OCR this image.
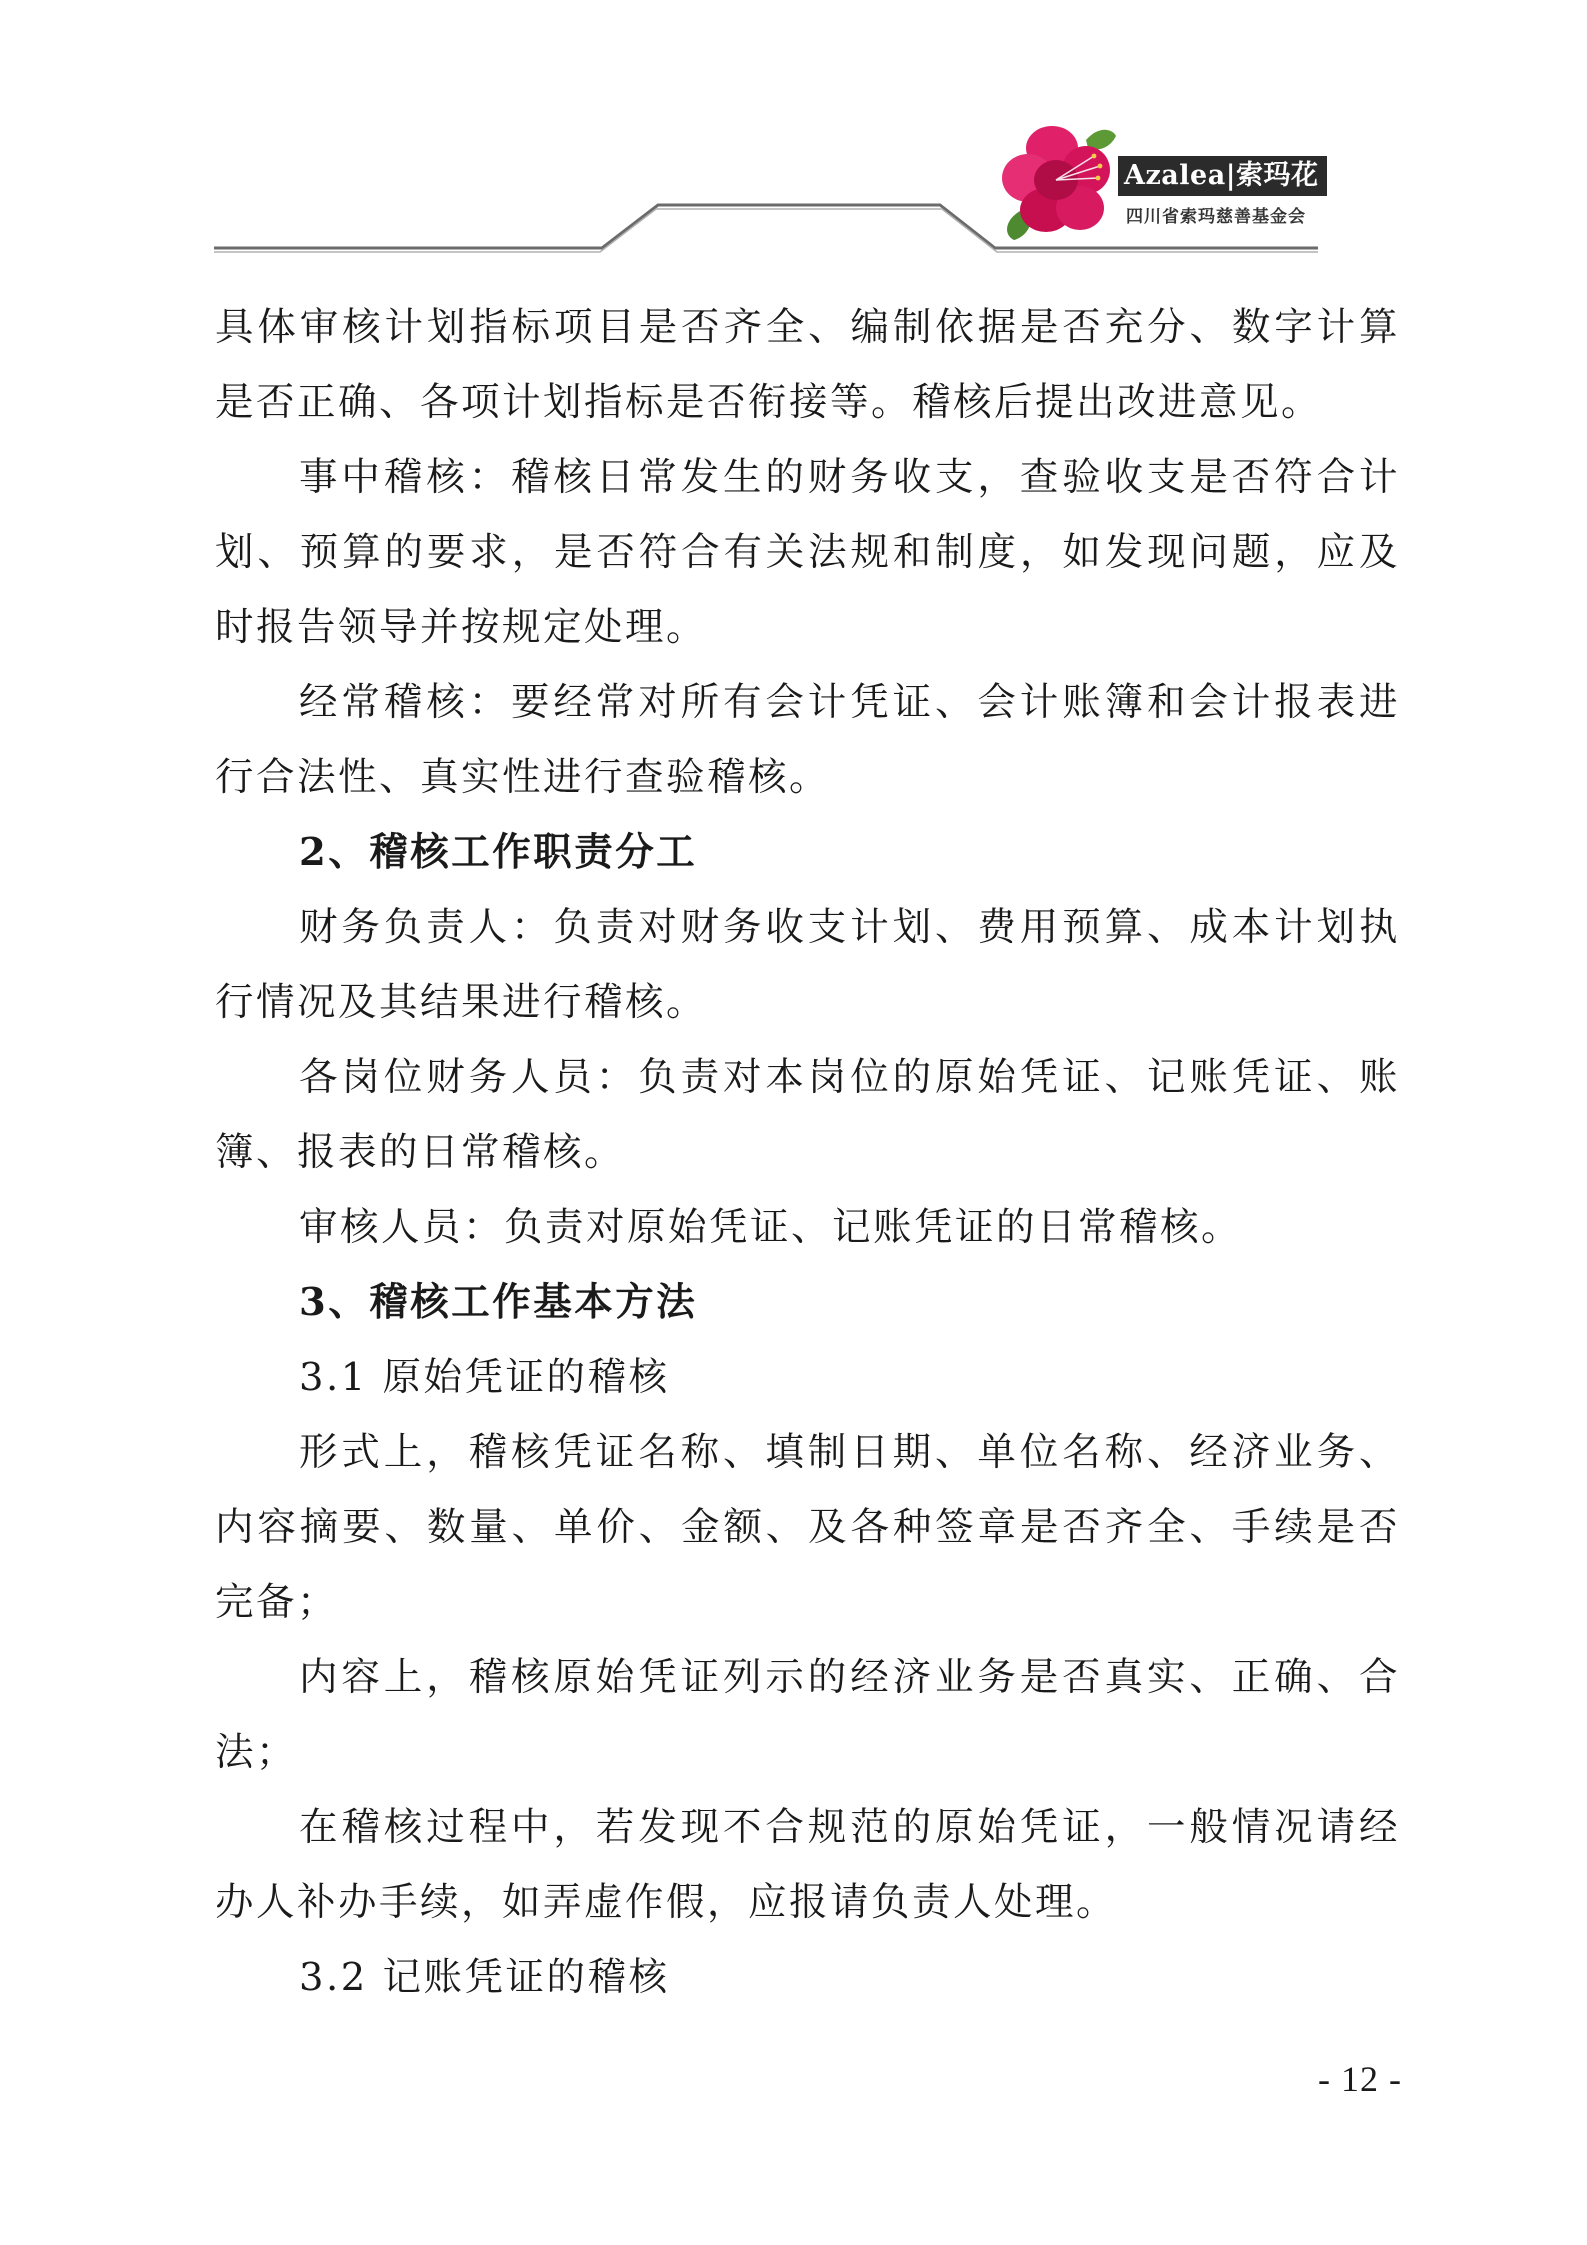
Azalea|索玛花
四川省索玛慈善基金会

具体审核计划指标项目是否齐全、编制依据是否充分、数字计算是否正确、各项计划指标是否衔接等。稽核后提出改进意见。

事中稽核：稽核日常发生的财务收支，查验收支是否符合计划、预算的要求，是否符合有关法规和制度，如发现问题，应及时报告领导并按规定处理。

经常稽核：要经常对所有会计凭证、会计账簿和会计报表进行合法性、真实性进行查验稽核。

2、稽核工作职责分工

财务负责人：负责对财务收支计划、费用预算、成本计划执行情况及其结果进行稽核。

各岗位财务人员：负责对本岗位的原始凭证、记账凭证、账簿、报表的日常稽核。

审核人员：负责对原始凭证、记账凭证的日常稽核。

3、稽核工作基本方法

3.1 原始凭证的稽核

形式上，稽核凭证名称、填制日期、单位名称、经济业务、内容摘要、数量、单价、金额、及各种签章是否齐全、手续是否完备；

内容上，稽核原始凭证列示的经济业务是否真实、正确、合法；

在稽核过程中，若发现不合规范的原始凭证，一般情况请经办人补办手续，如弄虚作假，应报请负责人处理。

3.2 记账凭证的稽核

- 12 -
